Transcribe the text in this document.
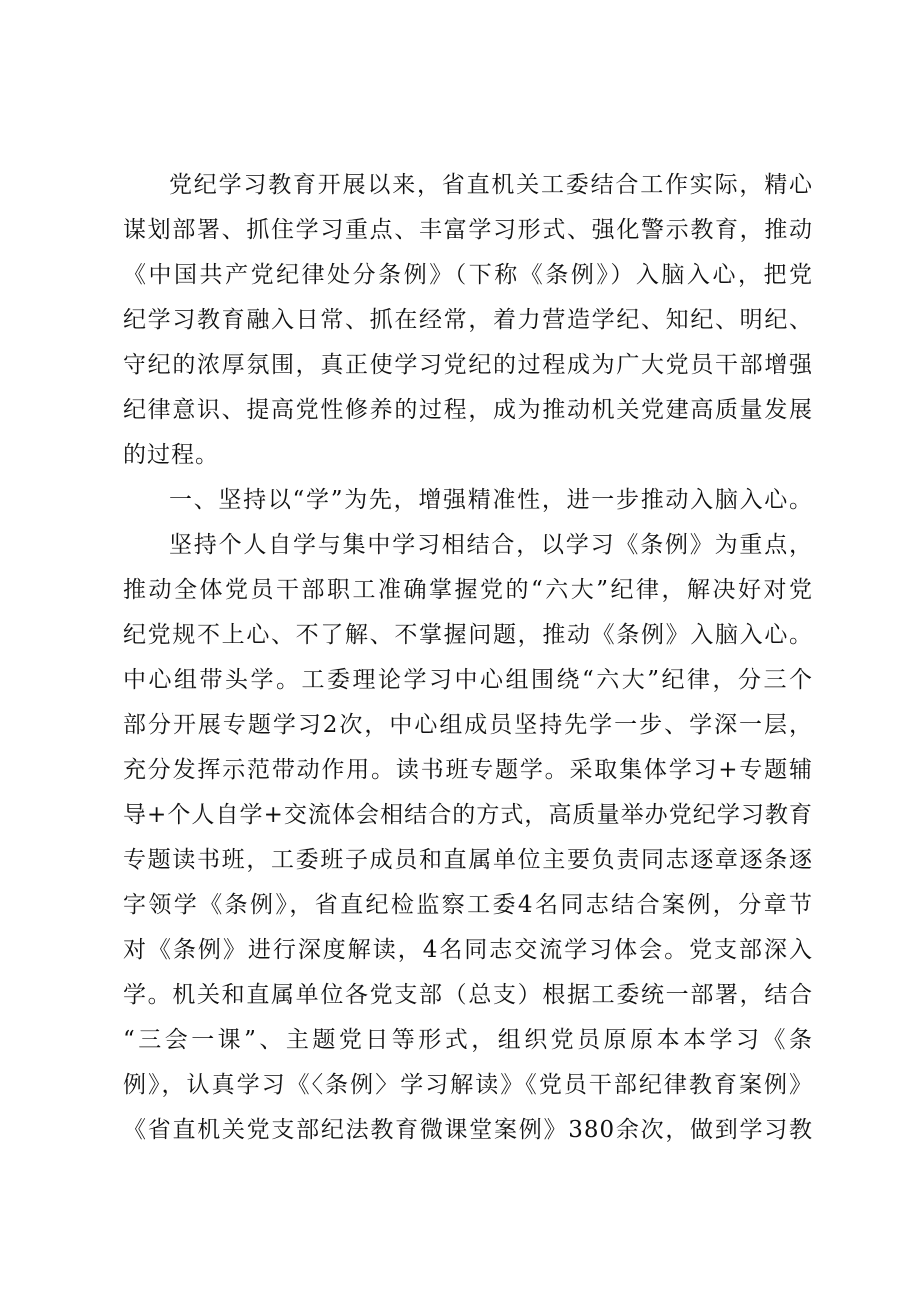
党纪学习教育开展以来，省直机关工委结合工作实际，精心
谋划部署、抓住学习重点、丰富学习形式、强化警示教育，推动
《中国共产党纪律处分条例》（下称《条例》）入脑入心，把党
纪学习教育融入日常、抓在经常，着力营造学纪、知纪、明纪、
守纪的浓厚氛围，真正使学习党纪的过程成为广大党员干部增强
纪律意识、提高党性修养的过程，成为推动机关党建高质量发展
的过程。
一、坚持以“学”为先，增强精准性，进一步推动入脑入心。
坚持个人自学与集中学习相结合，以学习《条例》为重点，
推动全体党员干部职工准确掌握党的“六大”纪律，解决好对党
纪党规不上心、不了解、不掌握问题，推动《条例》入脑入心。
中心组带头学。工委理论学习中心组围绕“六大”纪律，分三个
部分开展专题学习2次，中心组成员坚持先学一步、学深一层，
充分发挥示范带动作用。读书班专题学。采取集体学习+专题辅
导+个人自学+交流体会相结合的方式，高质量举办党纪学习教育
专题读书班，工委班子成员和直属单位主要负责同志逐章逐条逐
字领学《条例》，省直纪检监察工委4名同志结合案例，分章节
对《条例》进行深度解读，4名同志交流学习体会。党支部深入
学。机关和直属单位各党支部（总支）根据工委统一部署，结合
“三会一课”、主题党日等形式，组织党员原原本本学习《条
例》，认真学习《〈条例〉学习解读》《党员干部纪律教育案例》
《省直机关党支部纪法教育微课堂案例》380余次，做到学习教
